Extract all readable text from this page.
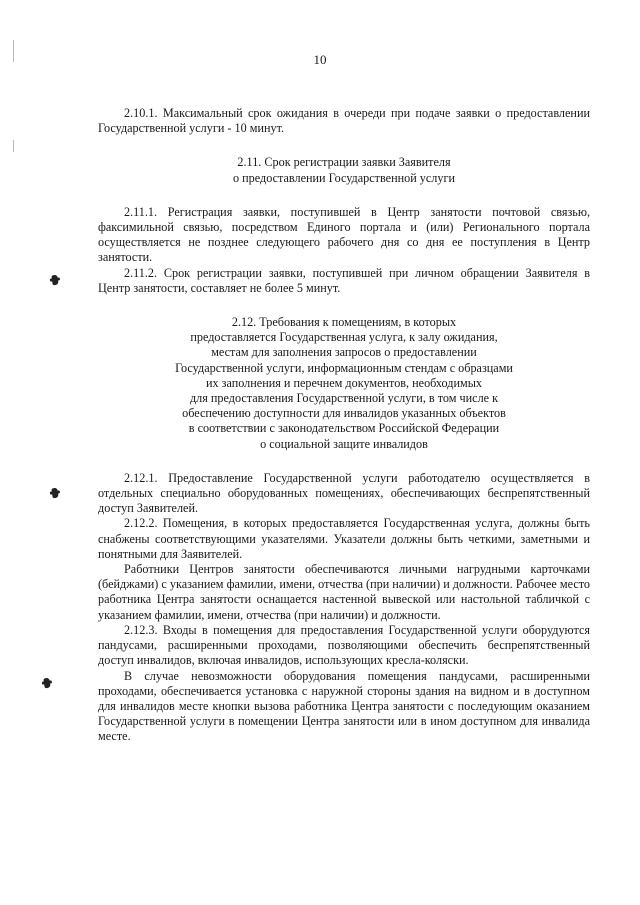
10

2.10.1. Максимальный срок ожидания в очереди при подаче заявки о предоставлении Государственной услуги - 10 минут.

2.11. Срок регистрации заявки Заявителя
о предоставлении Государственной услуги

2.11.1. Регистрация заявки, поступившей в Центр занятости почтовой связью, факсимильной связью, посредством Единого портала и (или) Регионального портала осуществляется не позднее следующего рабочего дня со дня ее поступления в Центр занятости.

2.11.2. Срок регистрации заявки, поступившей при личном обращении Заявителя в Центр занятости, составляет не более 5 минут.

2.12. Требования к помещениям, в которых
предоставляется Государственная услуга, к залу ожидания,
местам для заполнения запросов о предоставлении
Государственной услуги, информационным стендам с образцами
их заполнения и перечнем документов, необходимых
для предоставления Государственной услуги, в том числе к
обеспечению доступности для инвалидов указанных объектов
в соответствии с законодательством Российской Федерации
о социальной защите инвалидов

2.12.1. Предоставление Государственной услуги работодателю осуществляется в отдельных специально оборудованных помещениях, обеспечивающих беспрепятственный доступ Заявителей.

2.12.2. Помещения, в которых предоставляется Государственная услуга, должны быть снабжены соответствующими указателями. Указатели должны быть четкими, заметными и понятными для Заявителей.

Работники Центров занятости обеспечиваются личными нагрудными карточками (бейджами) с указанием фамилии, имени, отчества (при наличии) и должности. Рабочее место работника Центра занятости оснащается настенной вывеской или настольной табличкой с указанием фамилии, имени, отчества (при наличии) и должности.

2.12.3. Входы в помещения для предоставления Государственной услуги оборудуются пандусами, расширенными проходами, позволяющими обеспечить беспрепятственный доступ инвалидов, включая инвалидов, использующих кресла-коляски.

В случае невозможности оборудования помещения пандусами, расширенными проходами, обеспечивается установка с наружной стороны здания на видном и в доступном для инвалидов месте кнопки вызова работника Центра занятости с последующим оказанием Государственной услуги в помещении Центра занятости или в ином доступном для инвалида месте.
